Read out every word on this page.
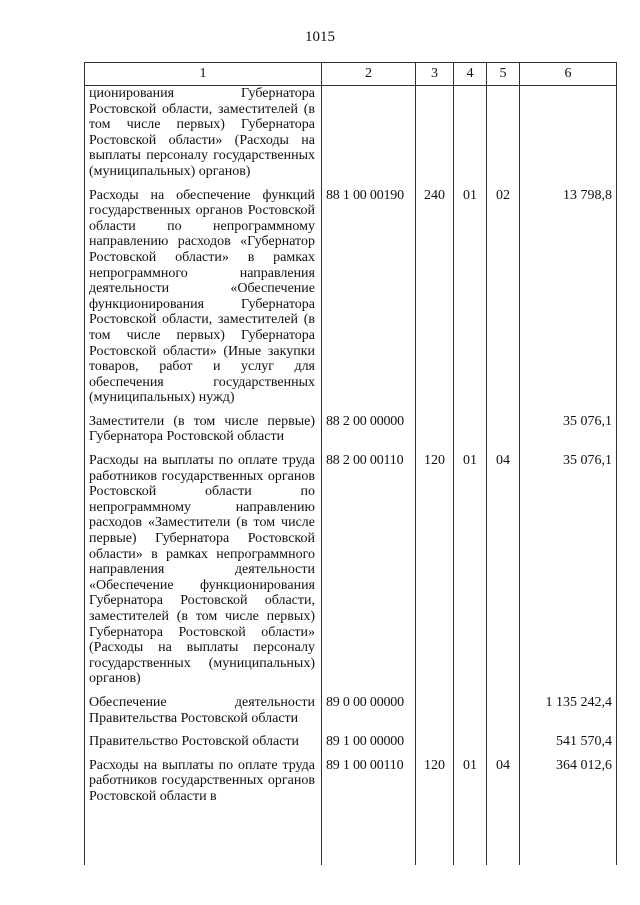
1015
1	2	3	4	5	6
ционирования Губернатора Ростовской области, заместителей (в том числе первых) Губернатора Ростовской области» (Расходы на выплаты персоналу государственных (муниципальных) органов)					
Расходы на обеспечение функций государственных органов Ростовской области по непрограммному направлению расходов «Губернатор Ростовской области» в рамках непрограммного направления деятельности «Обеспечение функционирования Губернатора Ростовской области, заместителей (в том числе первых) Губернатора Ростовской области» (Иные закупки товаров, работ и услуг для обеспечения государственных (муниципальных) нужд)	88 1 00 00190	240	01	02	13 798,8
Заместители (в том числе первые) Губернатора Ростовской области	88 2 00 00000				35 076,1
Расходы на выплаты по оплате труда работников государственных органов Ростовской области по непрограммному направлению расходов «Заместители (в том числе первые) Губернатора Ростовской области» в рамках непрограммного направления деятельности «Обеспечение функционирования Губернатора Ростовской области, заместителей (в том числе первых) Губернатора Ростовской области» (Расходы на выплаты персоналу государственных (муниципальных) органов)	88 2 00 00110	120	01	04	35 076,1
Обеспечение деятельности Правительства Ростовской области	89 0 00 00000				1 135 242,4
Правительство Ростовской области	89 1 00 00000				541 570,4
Расходы на выплаты по оплате труда работников государственных органов Ростовской области в	89 1 00 00110	120	01	04	364 012,6
